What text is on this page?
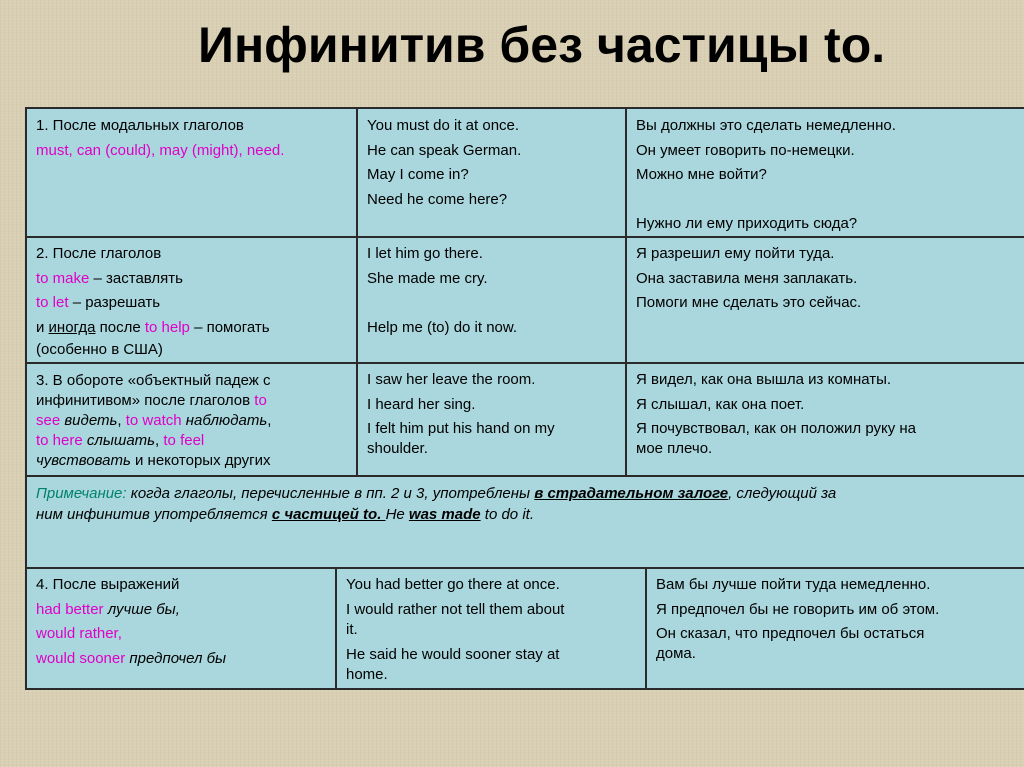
Инфинитив без частицы to.

1. После модальных глаголов

must, can (could), may (might), need.

You must do it at once.

He can speak German.

May I come in?

Need he come here?

Вы должны это сделать немедленно.

Он умеет говорить по-немецки.

Можно мне войти?

Нужно ли ему приходить сюда?

2. После глаголов

to make – заставлять

to let – разрешать

и иногда после to help – помогать

(особенно в США)

I let him go there.

She made me cry.

Help me (to) do it now.

Я разрешил ему пойти туда.

Она заставила меня заплакать.

Помоги мне сделать это сейчас.

3. В обороте «объектный падеж с

инфинитивом» после глаголов to

see видеть, to watch наблюдать,

to here слышать, to feel

чувствовать и некоторых других

I saw her leave the room.

I heard her sing.

I felt him put his hand on my

shoulder.

Я видел, как она вышла из комнаты.

Я слышал, как она поет.

Я почувствовал, как он положил руку на

мое плечо.

Примечание: когда глаголы, перечисленные в пп. 2 и 3, употреблены в страдательном залоге, следующий за

ним инфинитив употребляется с частицей to. He was made to do it.

4. После выражений

had better лучше бы,

would rather,

would sooner предпочел бы

You had better go there at once.

I would rather not tell them about

it.

He said he would sooner stay at

home.

Вам бы лучше пойти туда немедленно.

Я предпочел бы не говорить им об этом.

Он сказал, что предпочел бы остаться

дома.
